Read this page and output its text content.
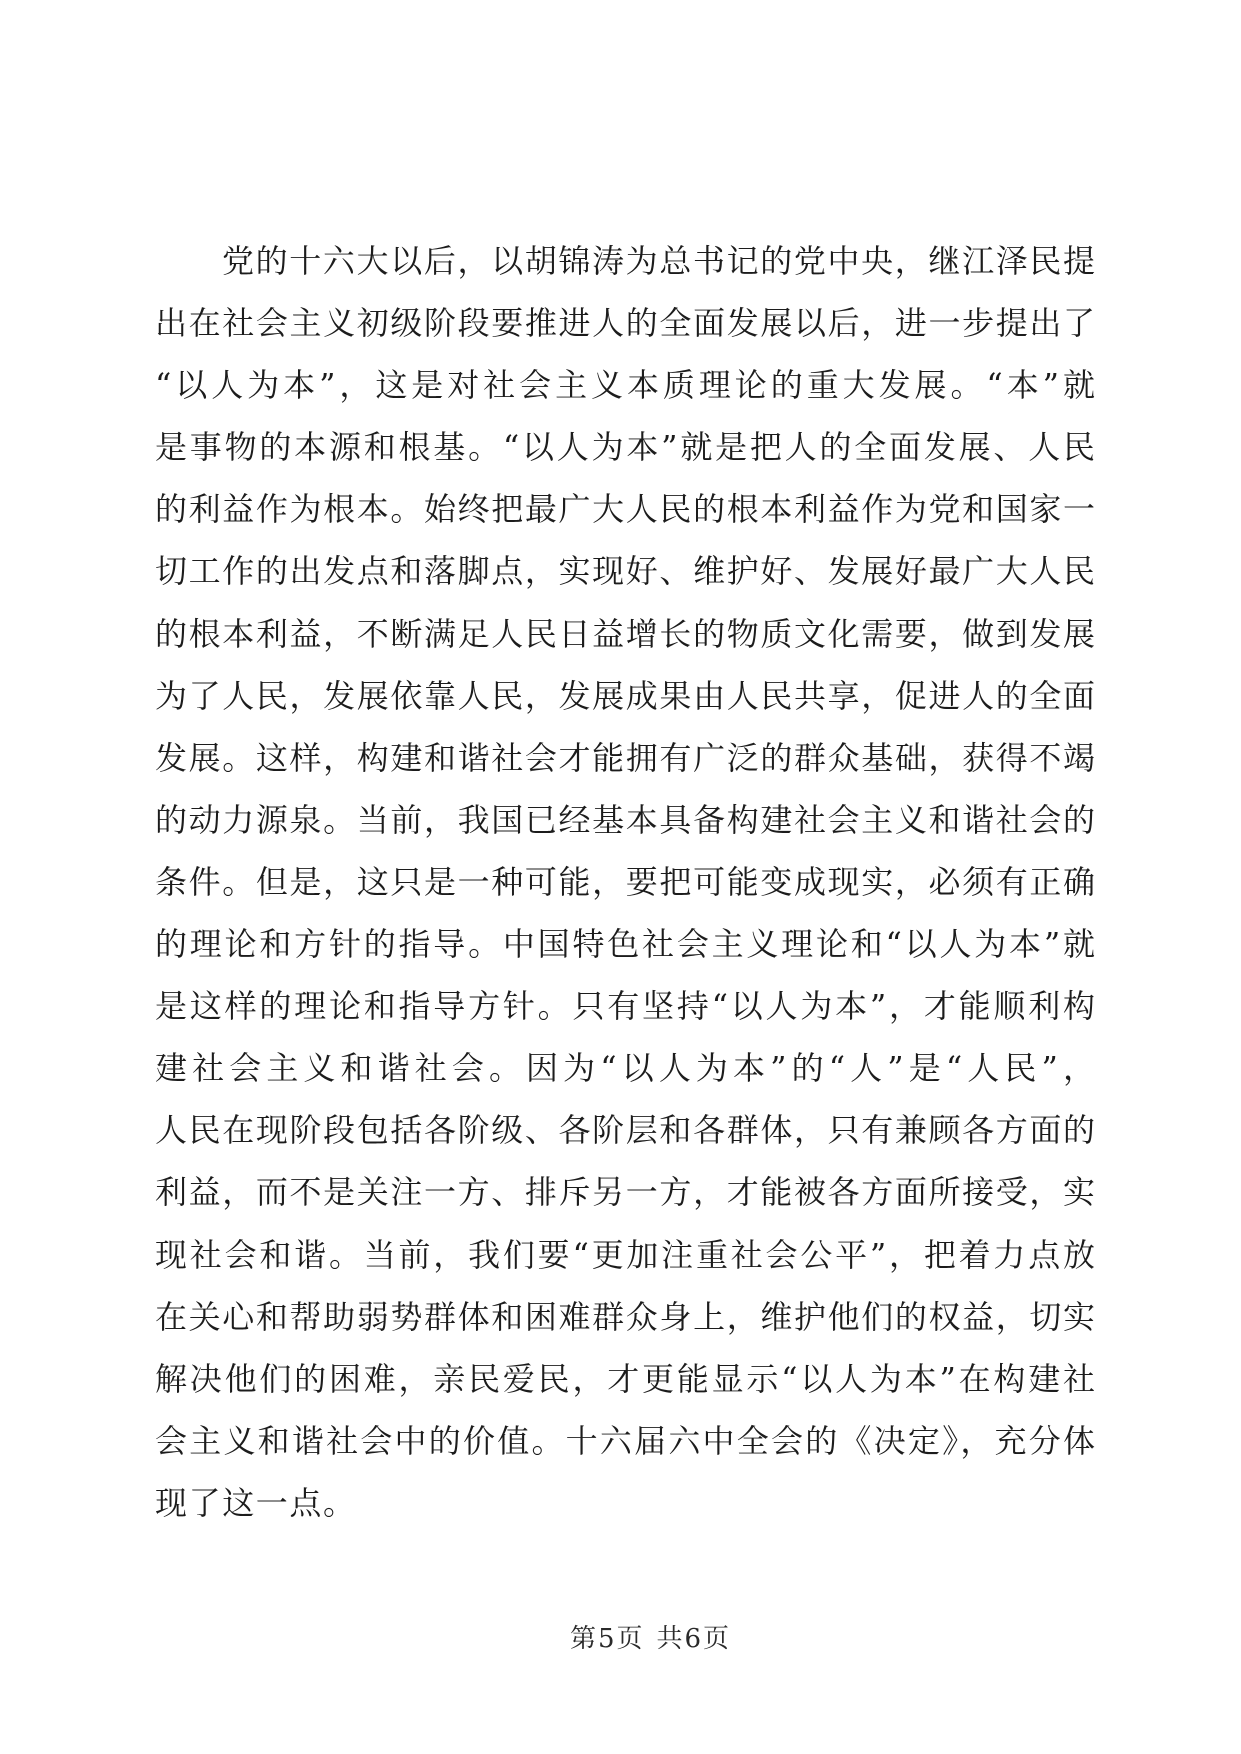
党的十六大以后，以胡锦涛为总书记的党中央，继江泽民提
出在社会主义初级阶段要推进人的全面发展以后，进一步提出了
“以人为本”，这是对社会主义本质理论的重大发展。“本”就
是事物的本源和根基。“以人为本”就是把人的全面发展、人民
的利益作为根本。始终把最广大人民的根本利益作为党和国家一
切工作的出发点和落脚点，实现好、维护好、发展好最广大人民
的根本利益，不断满足人民日益增长的物质文化需要，做到发展
为了人民，发展依靠人民，发展成果由人民共享，促进人的全面
发展。这样，构建和谐社会才能拥有广泛的群众基础，获得不竭
的动力源泉。当前，我国已经基本具备构建社会主义和谐社会的
条件。但是，这只是一种可能，要把可能变成现实，必须有正确
的理论和方针的指导。中国特色社会主义理论和“以人为本”就
是这样的理论和指导方针。只有坚持“以人为本”，才能顺利构
建社会主义和谐社会。因为“以人为本”的“人”是“人民”，
人民在现阶段包括各阶级、各阶层和各群体，只有兼顾各方面的
利益，而不是关注一方、排斥另一方，才能被各方面所接受，实
现社会和谐。当前，我们要“更加注重社会公平”，把着力点放
在关心和帮助弱势群体和困难群众身上，维护他们的权益，切实
解决他们的困难，亲民爱民，才更能显示“以人为本”在构建社
会主义和谐社会中的价值。十六届六中全会的《决定》，充分体
现了这一点。
第5页 共6页
